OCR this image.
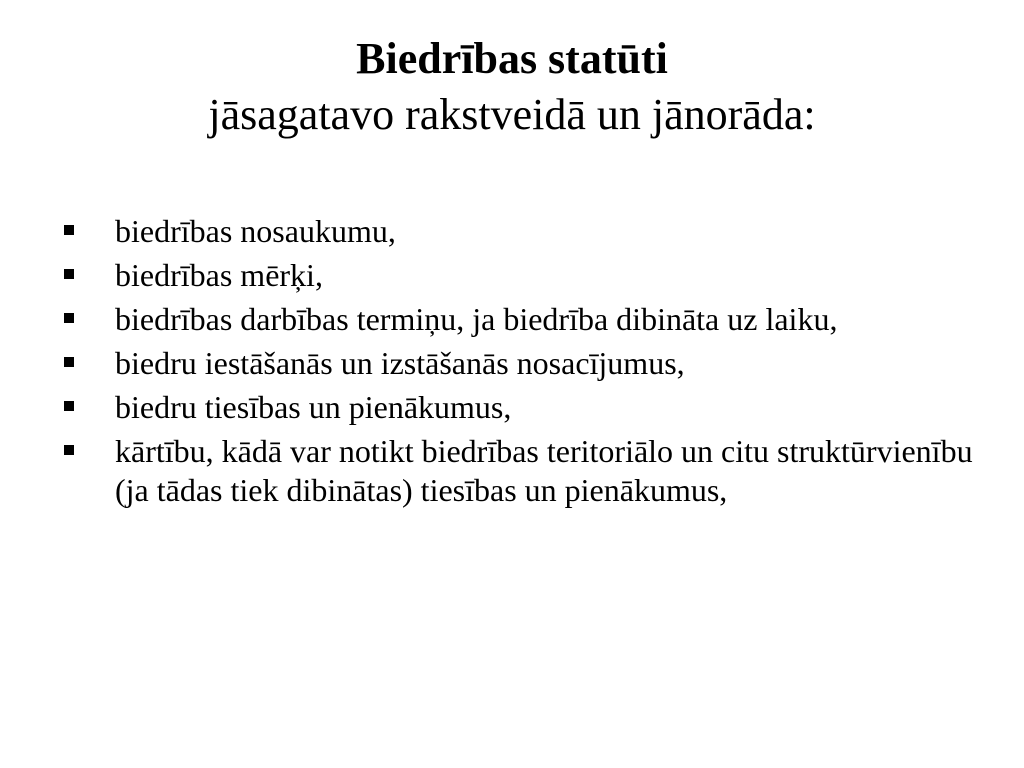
Biedrības statūti
jāsagatavo rakstveidā un jānorāda:
biedrības nosaukumu,
biedrības mērķi,
biedrības darbības termiņu, ja biedrība dibināta uz laiku,
biedru iestāšanās un izstāšanās nosacījumus,
biedru tiesības un pienākumus,
kārtību, kādā var notikt biedrības teritoriālo un citu struktūrvienību (ja tādas tiek dibinātas) tiesības un pienākumus,
